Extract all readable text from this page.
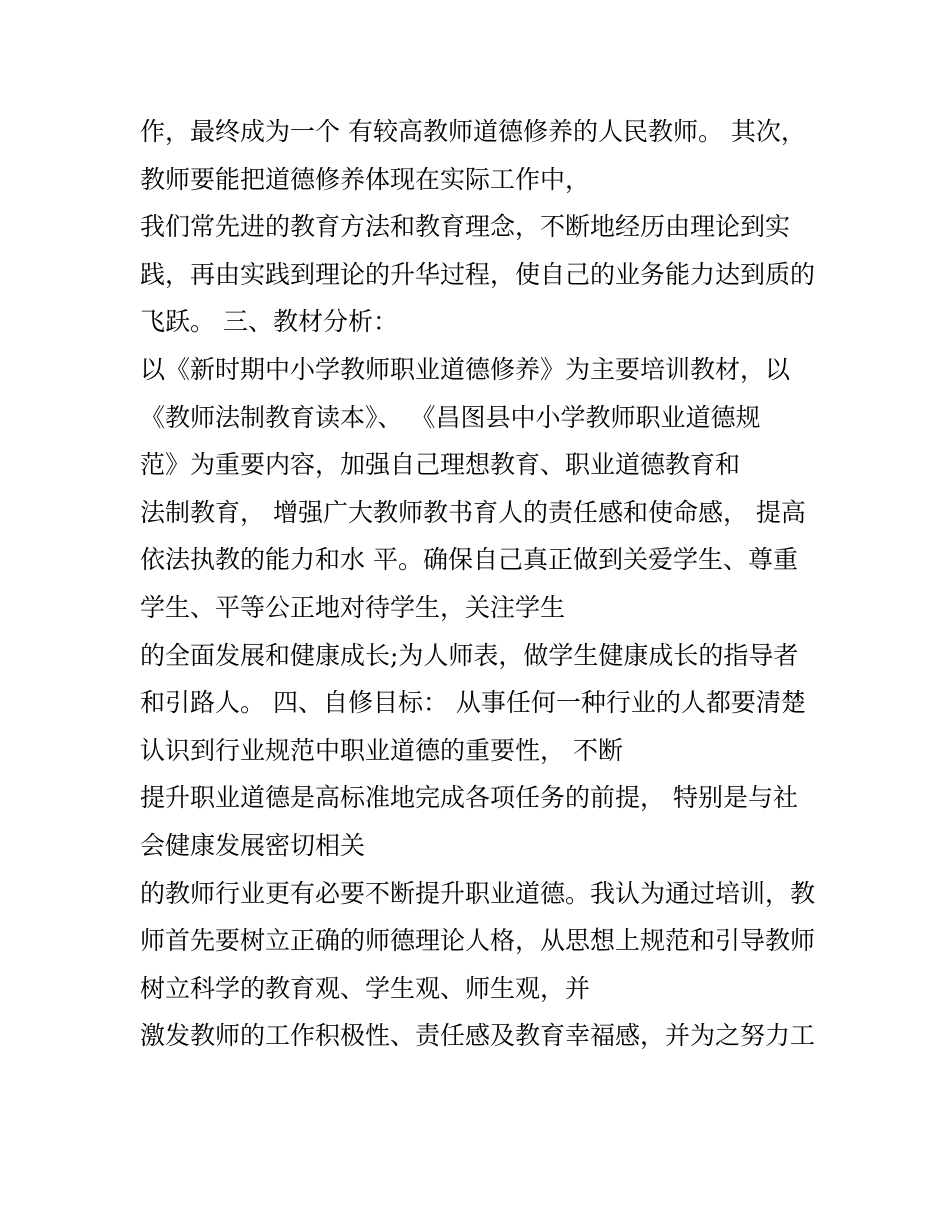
作，最终成为一个 有较高教师道德修养的人民教师。 其次，
教师要能把道德修养体现在实际工作中，
我们常先进的教育方法和教育理念，不断地经历由理论到实
践，再由实践到理论的升华过程，使自己的业务能力达到质的
飞跃。 三、教材分析：
以《新时期中小学教师职业道德修养》为主要培训教材，以
《教师法制教育读本》、 《昌图县中小学教师职业道德规
范》为重要内容，加强自己理想教育、职业道德教育和
法制教育， 增强广大教师教书育人的责任感和使命感， 提高
依法执教的能力和水 平。确保自己真正做到关爱学生、尊重
学生、平等公正地对待学生，关注学生
的全面发展和健康成长;为人师表，做学生健康成长的指导者
和引路人。 四、自修目标： 从事任何一种行业的人都要清楚
认识到行业规范中职业道德的重要性， 不断
提升职业道德是高标准地完成各项任务的前提， 特别是与社
会健康发展密切相关
的教师行业更有必要不断提升职业道德。我认为通过培训，教
师首先要树立正确的师德理论人格，从思想上规范和引导教师
树立科学的教育观、学生观、师生观，并
激发教师的工作积极性、责任感及教育幸福感，并为之努力工
